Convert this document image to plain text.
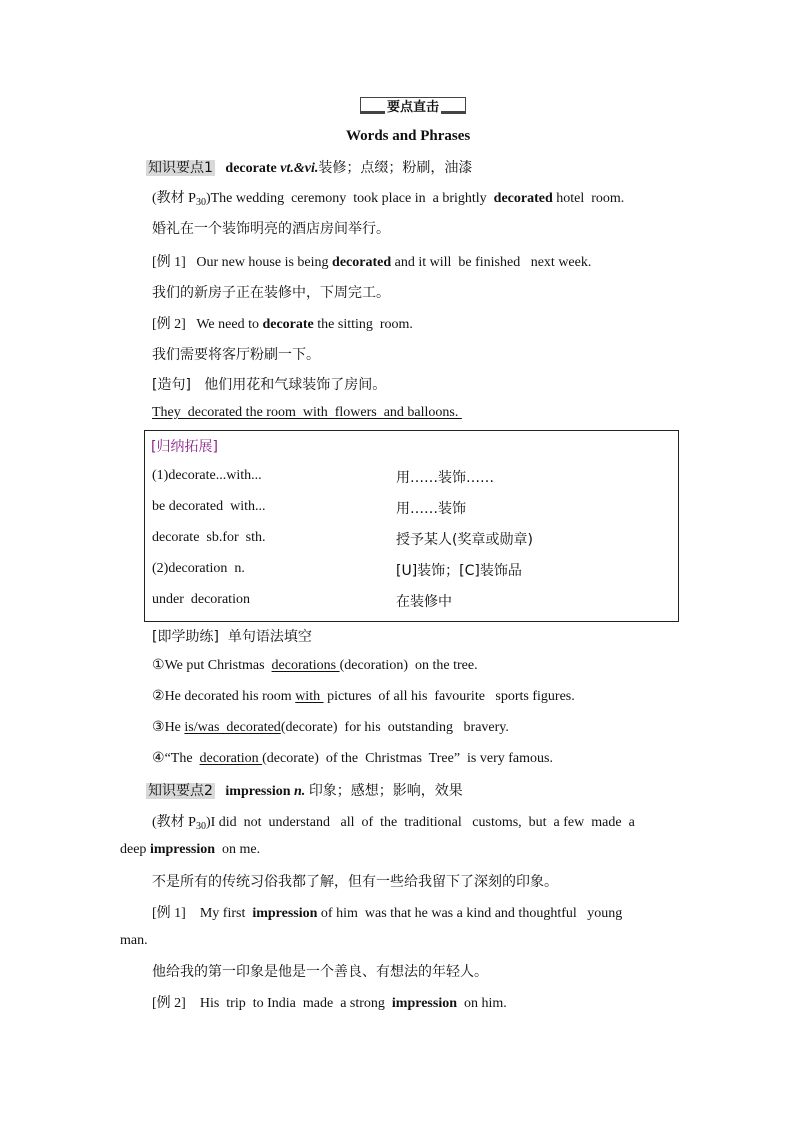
要点直击
Words and Phrases
知识要点1 decorate vt.&vi.装修；点缀；粉刷，油漆
(教材 $P_{30})The$ wedding  ceremony  took place in  a brightly  decorated hotel  room.
婚礼在一个装饰明亮的酒店房间举行。
[例 1] Our new house is being decorated and it will  be finished   next week.
我们的新房子正在装修中，下周完工。
[例 2] We need to decorate the sitting  room.
我们需要将客厅粉刷一下。
[造句] 他们用花和气球装饰了房间。
They  decorated the room  with  flowers  and balloons.
[归纳拓展]
(1)decorate...with...	用……装饰……
be decorated  with...	用……装饰
decorate  sb.for  sth.	授予某人(奖章或勋章)
(2)decoration  n.	[U]装饰；[C]装饰品
under  decoration	在装修中
[即学助练] 单句语法填空
①We put Christmas  decorations (decoration)  on the tree.
②He decorated his room with  pictures  of all his  favourite   sports figures.
③He is/was  decorated(decorate)  for his  outstanding   bravery.
④“The  decoration (decorate)  of the  Christmas  Tree”  is very famous.
知识要点2 impression n. 印象；感想；影响，效果
(教材 $P_{30})I$ did  not  understand   all  of  the  traditional   customs,  but  a few  made  a
deep impression  on me.
不是所有的传统习俗我都了解，但有一些给我留下了深刻的印象。
[例 1] My first  impression of him  was that he was a kind and thoughtful   young
man.
他给我的第一印象是他是一个善良、有想法的年轻人。
[例 2] His  trip  to India  made  a strong  impression  on him.
